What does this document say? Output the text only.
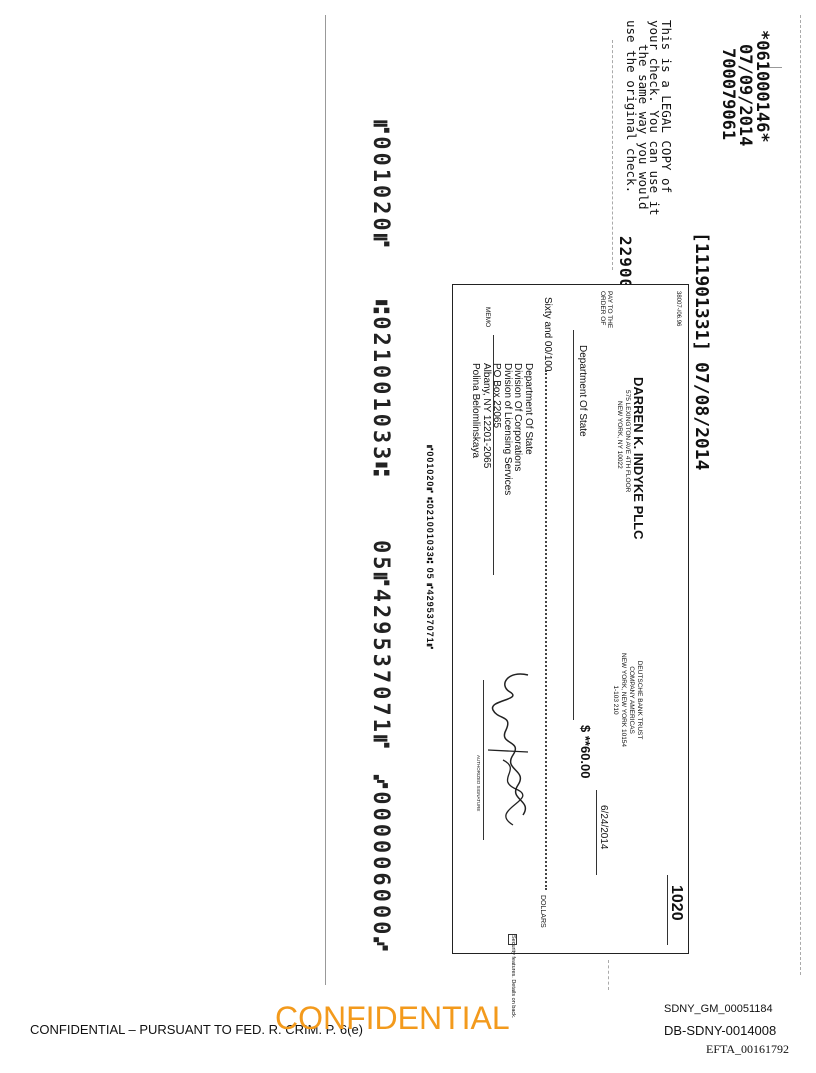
*061000146*
07/09/2014
700079061
This is a LEGAL COPY of
your check. You can use it
the same way you would
use the original check.
[111901331] 07/08/2014
⑈001020⑈
⑆021001033⑆
05⑈429537071⑈
⑇000006000⑇
38007-/06.96
DARREN K. INDYKE PLLC
575 LEXINGTON AVE 4TH FLOOR
NEW YORK, NY 10022
DEUTSCHE BANK TRUST
COMPANY AMERICAS
NEW YORK, NEW YORK 10154
1-103 210
1020
6/24/2014
PAY TO THE
ORDER OF
Department Of State
$ **60.00
Sixty and 00/100
DOLLARS
Department Of State
Division Of Corporations
Division of Licensing Services
PO Box 22065
Albany, NY 12201-2065
Polina Belomlinskaya
MEMO
AUTHORIZED SIGNATURE
⑈001020⑈ ⑆021001033⑆ 05 ⑈429537071⑈
Security features. Details on back.
CONFIDENTIAL – PURSUANT TO FED. R. CRIM. P. 6(e)
CONFIDENTIAL	SDNY_GM_00051184
DB-SDNY-0014008
EFTA_00161792
